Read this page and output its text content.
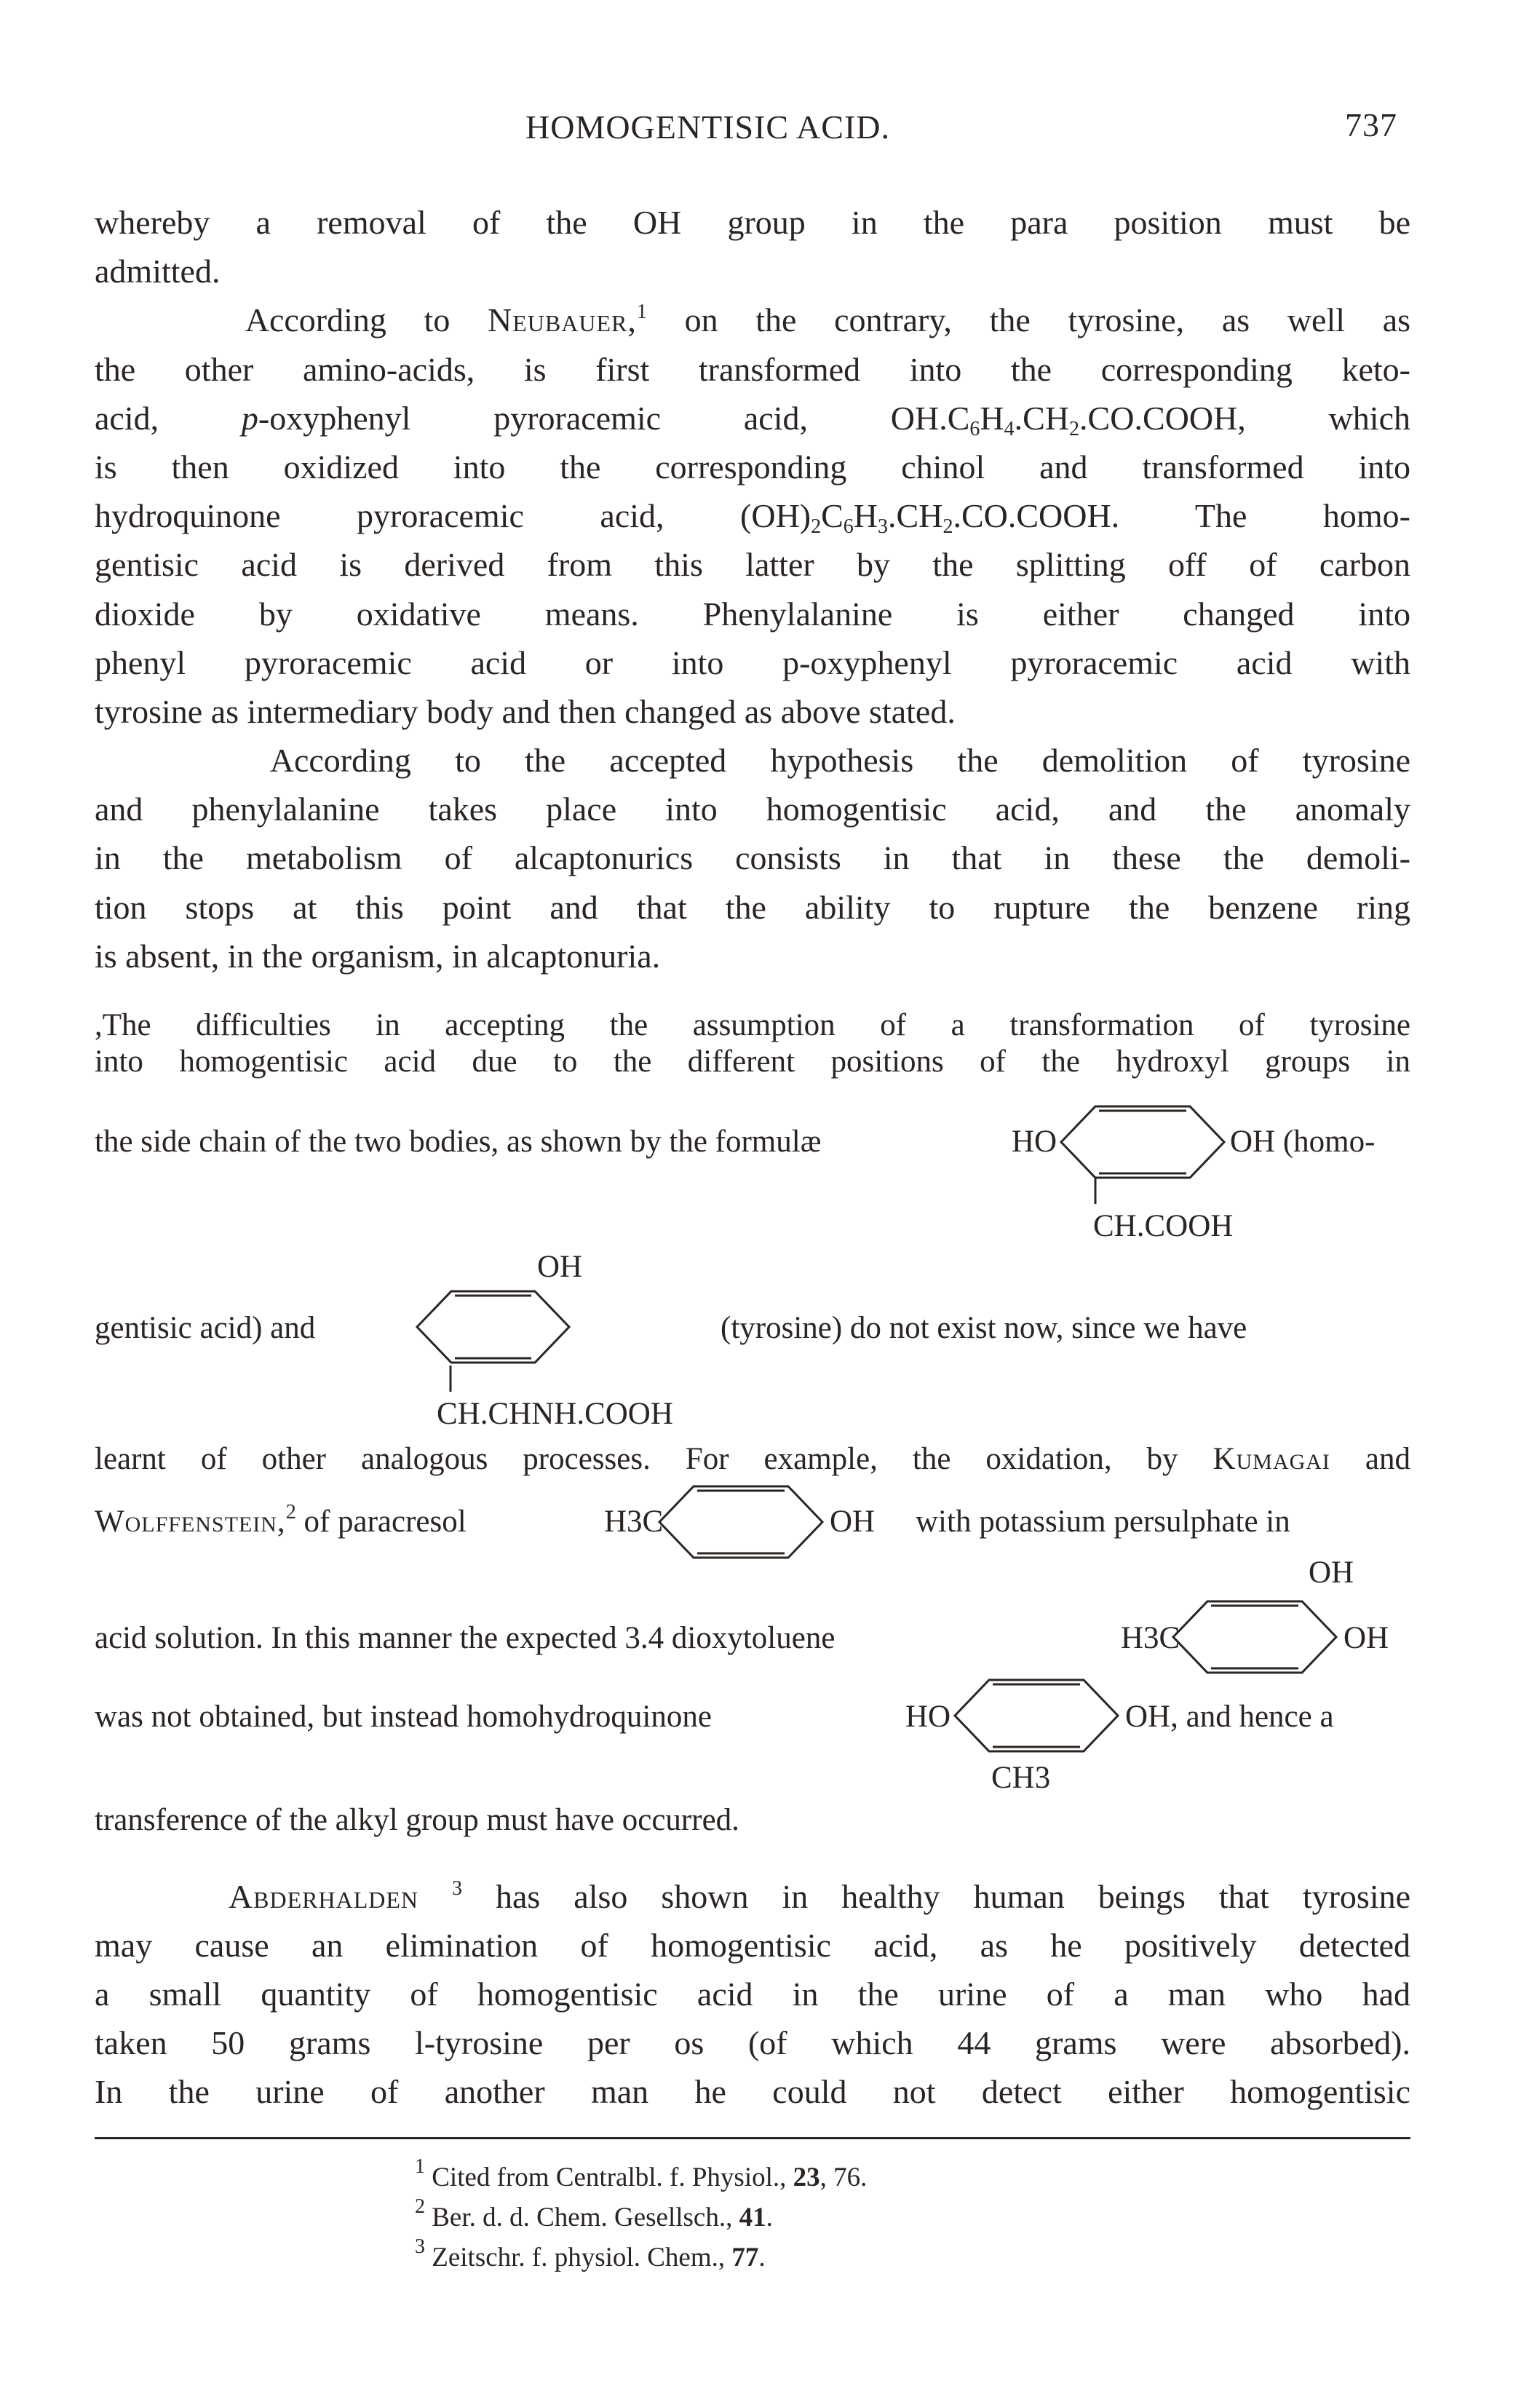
HOMOGENTISIC ACID.	737
whereby a removal of the OH group in the para position must be
admitted.
According to Neubauer,$^1$ on the contrary, the tyrosine, as well as
the other amino-acids, is first transformed into the corresponding keto-
acid, p-oxyphenyl pyroracemic acid, $OH.C_6H_4.CH_2.CO.COOH$, which
is then oxidized into the corresponding chinol and transformed into
hydroquinone pyroracemic acid, $(OH)_2C_6H_3.CH_2.CO.COOH$. The homo-
gentisic acid is derived from this latter by the splitting off of carbon
dioxide by oxidative means. Phenylalanine is either changed into
phenyl pyroracemic acid or into p-oxyphenyl pyroracemic acid with
tyrosine as intermediary body and then changed as above stated.
According to the accepted hypothesis the demolition of tyrosine
and phenylalanine takes place into homogentisic acid, and the anomaly
in the metabolism of alcaptonurics consists in that in these the demoli-
tion stops at this point and that the ability to rupture the benzene ring
is absent, in the organism, in alcaptonuria.
,The difficulties in accepting the assumption of a transformation of tyrosine
into homogentisic acid due to the different positions of the hydroxyl groups in
the side chain of the two bodies, as shown by the formulæ	HO	OH (homo-
CH.COOH
OH
gentisic acid) and	(tyrosine) do not exist now, since we have
CH.CHNH.COOH
learnt of other analogous processes. For example, the oxidation, by Kumagai and
Wolffenstein,$^2$ of paracresol	H3C	OH with potassium persulphate in
OH
acid solution. In this manner the expected 3.4 dioxytoluene	H3C	OH
was not obtained, but instead homohydroquinone	HO	OH, and hence a
CH3
transference of the alkyl group must have occurred.
Abderhalden $^3$ has also shown in healthy human beings that tyrosine
may cause an elimination of homogentisic acid, as he positively detected
a small quantity of homogentisic acid in the urine of a man who had
taken 50 grams l-tyrosine per os (of which 44 grams were absorbed).
In the urine of another man he could not detect either homogentisic
$^1$ Cited from Centralbl. f. Physiol., 23, 76.
$^2$ Ber. d. d. Chem. Gesellsch., 41.
$^3$ Zeitschr. f. physiol. Chem., 77.
